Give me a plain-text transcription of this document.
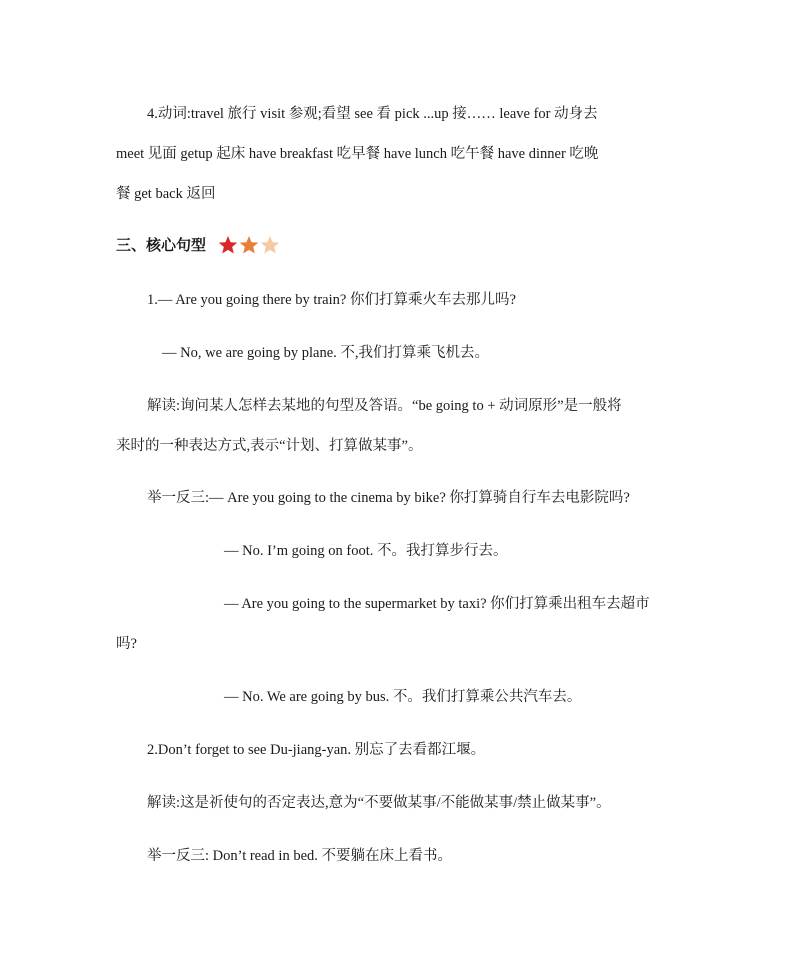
4.动词:travel 旅行 visit 参观;看望 see 看 pick ...up 接…… leave for 动身去
meet 见面 getup 起床 have breakfast 吃早餐 have lunch 吃午餐 have dinner 吃晚
餐 get back 返回
三、核心句型
1.— Are you going there by train? 你们打算乘火车去那儿吗?
— No, we are going by plane. 不,我们打算乘飞机去。
解读:询问某人怎样去某地的句型及答语。“be going to + 动词原形”是一般将
来时的一种表达方式,表示“计划、打算做某事”。
举一反三:— Are you going to the cinema by bike? 你打算骑自行车去电影院吗?
— No. I’m going on foot. 不。我打算步行去。
— Are you going to the supermarket by taxi? 你们打算乘出租车去超市
吗?
— No. We are going by bus. 不。我们打算乘公共汽车去。
2.Don’t forget to see Du-jiang-yan. 别忘了去看都江堰。
解读:这是祈使句的否定表达,意为“不要做某事/不能做某事/禁止做某事”。
举一反三: Don’t read in bed. 不要躺在床上看书。
